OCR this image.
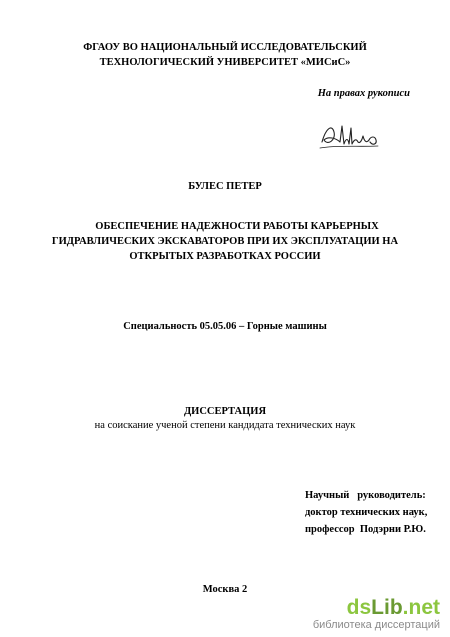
ФГАОУ ВО НАЦИОНАЛЬНЫЙ ИССЛЕДОВАТЕЛЬСКИЙ
ТЕХНОЛОГИЧЕСКИЙ УНИВЕРСИТЕТ «МИСиС»
На правах рукописи
БУЛЕС ПЕТЕР
ОБЕСПЕЧЕНИЕ НАДЕЖНОСТИ РАБОТЫ КАРЬЕРНЫХ
ГИДРАВЛИЧЕСКИХ ЭКСКАВАТОРОВ ПРИ ИХ ЭКСПЛУАТАЦИИ НА
ОТКРЫТЫХ РАЗРАБОТКАХ РОССИИ
Специальность 05.05.06 – Горные машины
ДИССЕРТАЦИЯ
на соискание ученой степени кандидата технических наук
Научный   руководитель:
доктор технических наук,
профессор  Подэрни Р.Ю.
Москва 2
dsLib.net
библиотека диссертаций
